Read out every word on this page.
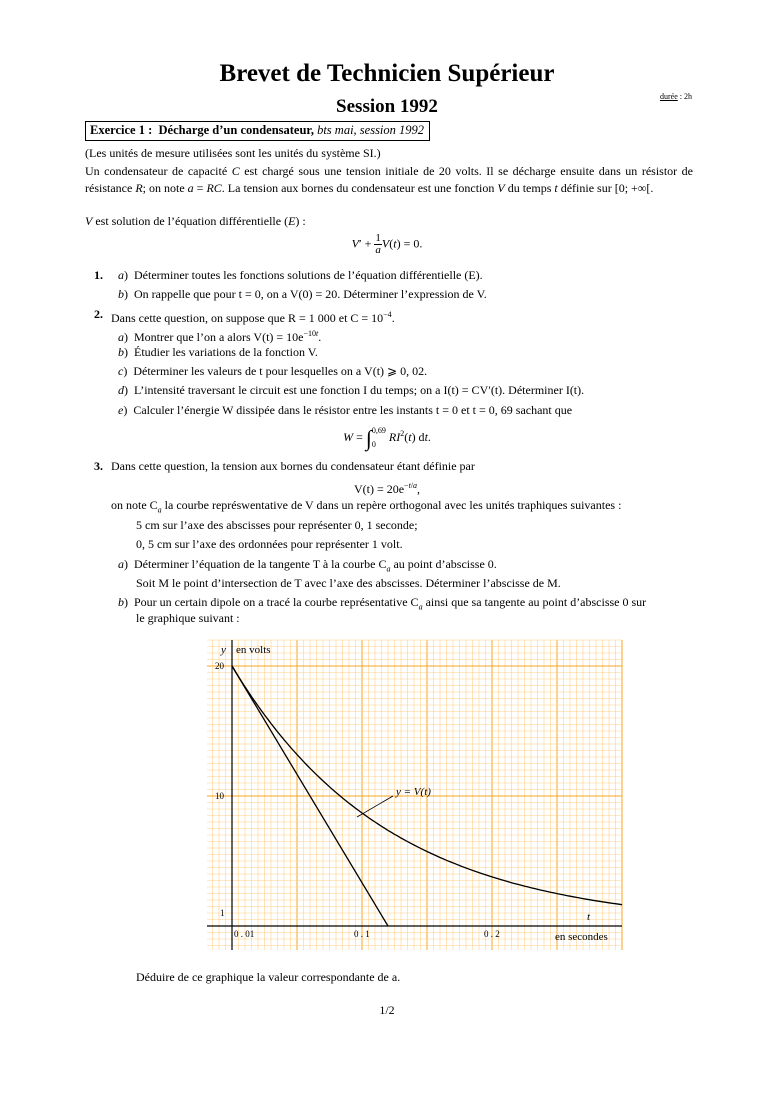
Brevet de Technicien Supérieur
Session 1992	durée : 2h
Exercice 1 : Décharge d’un condensateur, bts mai, session 1992
(Les unités de mesure utilisées sont les unités du système SI.)
Un condensateur de capacité C est chargé sous une tension initiale de 20 volts. Il se décharge ensuite dans un résistor de résistance R; on note a = RC. La tension aux bornes du condensateur est une fonction V du temps t définie sur [0; +∞[.
V est solution de l’équation différentielle (E) :
$V' + \frac{1}{a} V(t) = 0$.
1. a)  Déterminer toutes les fonctions solutions de l’équation différentielle (E).
b)  On rappelle que pour t = 0, on a V(0) = 20. Déterminer l’expression de V.
2. Dans cette question, on suppose que R = 1 000 et $C = 10^{-4}$.
a)  Montrer que l’on a alors $V(t) = 10e^{-10t}$.
b)  Étudier les variations de la fonction V.
c)  Déterminer les valeurs de t pour lesquelles on a V(t) ⩾ 0, 02.
d)  L’intensité traversant le circuit est une fonction I du temps; on a I(t) = CV′(t). Déterminer I(t).
e)  Calculer l’énergie W dissipée dans le résistor entre les instants t = 0 et t = 0, 69 sachant que
W = ∫ 0,69
0
$RI^2(t)$ dt.
3. Dans cette question, la tension aux bornes du condensateur étant définie par
$V(t) = 20e^{-t/a}$,
on note $C_a$ la courbe représwentative de V dans un repère orthogonal avec les unités traphiques suivantes :
5 cm sur l’axe des abscisses pour représenter 0, 1 seconde;
0, 5 cm sur l’axe des ordonnées pour représenter 1 volt.
a)  Déterminer l’équation de la tangente T à la courbe $C_a$ au point d’abscisse 0.
Soit M le point d’intersection de T avec l’axe des abscisses. Déterminer l’abscisse de M.
b)  Pour un certain dipole on a tracé la courbe représentative $C_a$ ainsi que sa tangente au point d’abscisse 0 sur
le graphique suivant :
0 . 01	0 . 1	0 . 2
1
10
20
y en volts
t
en secondes
y = V(t)
Déduire de ce graphique la valeur correspondante de a.
1/2
